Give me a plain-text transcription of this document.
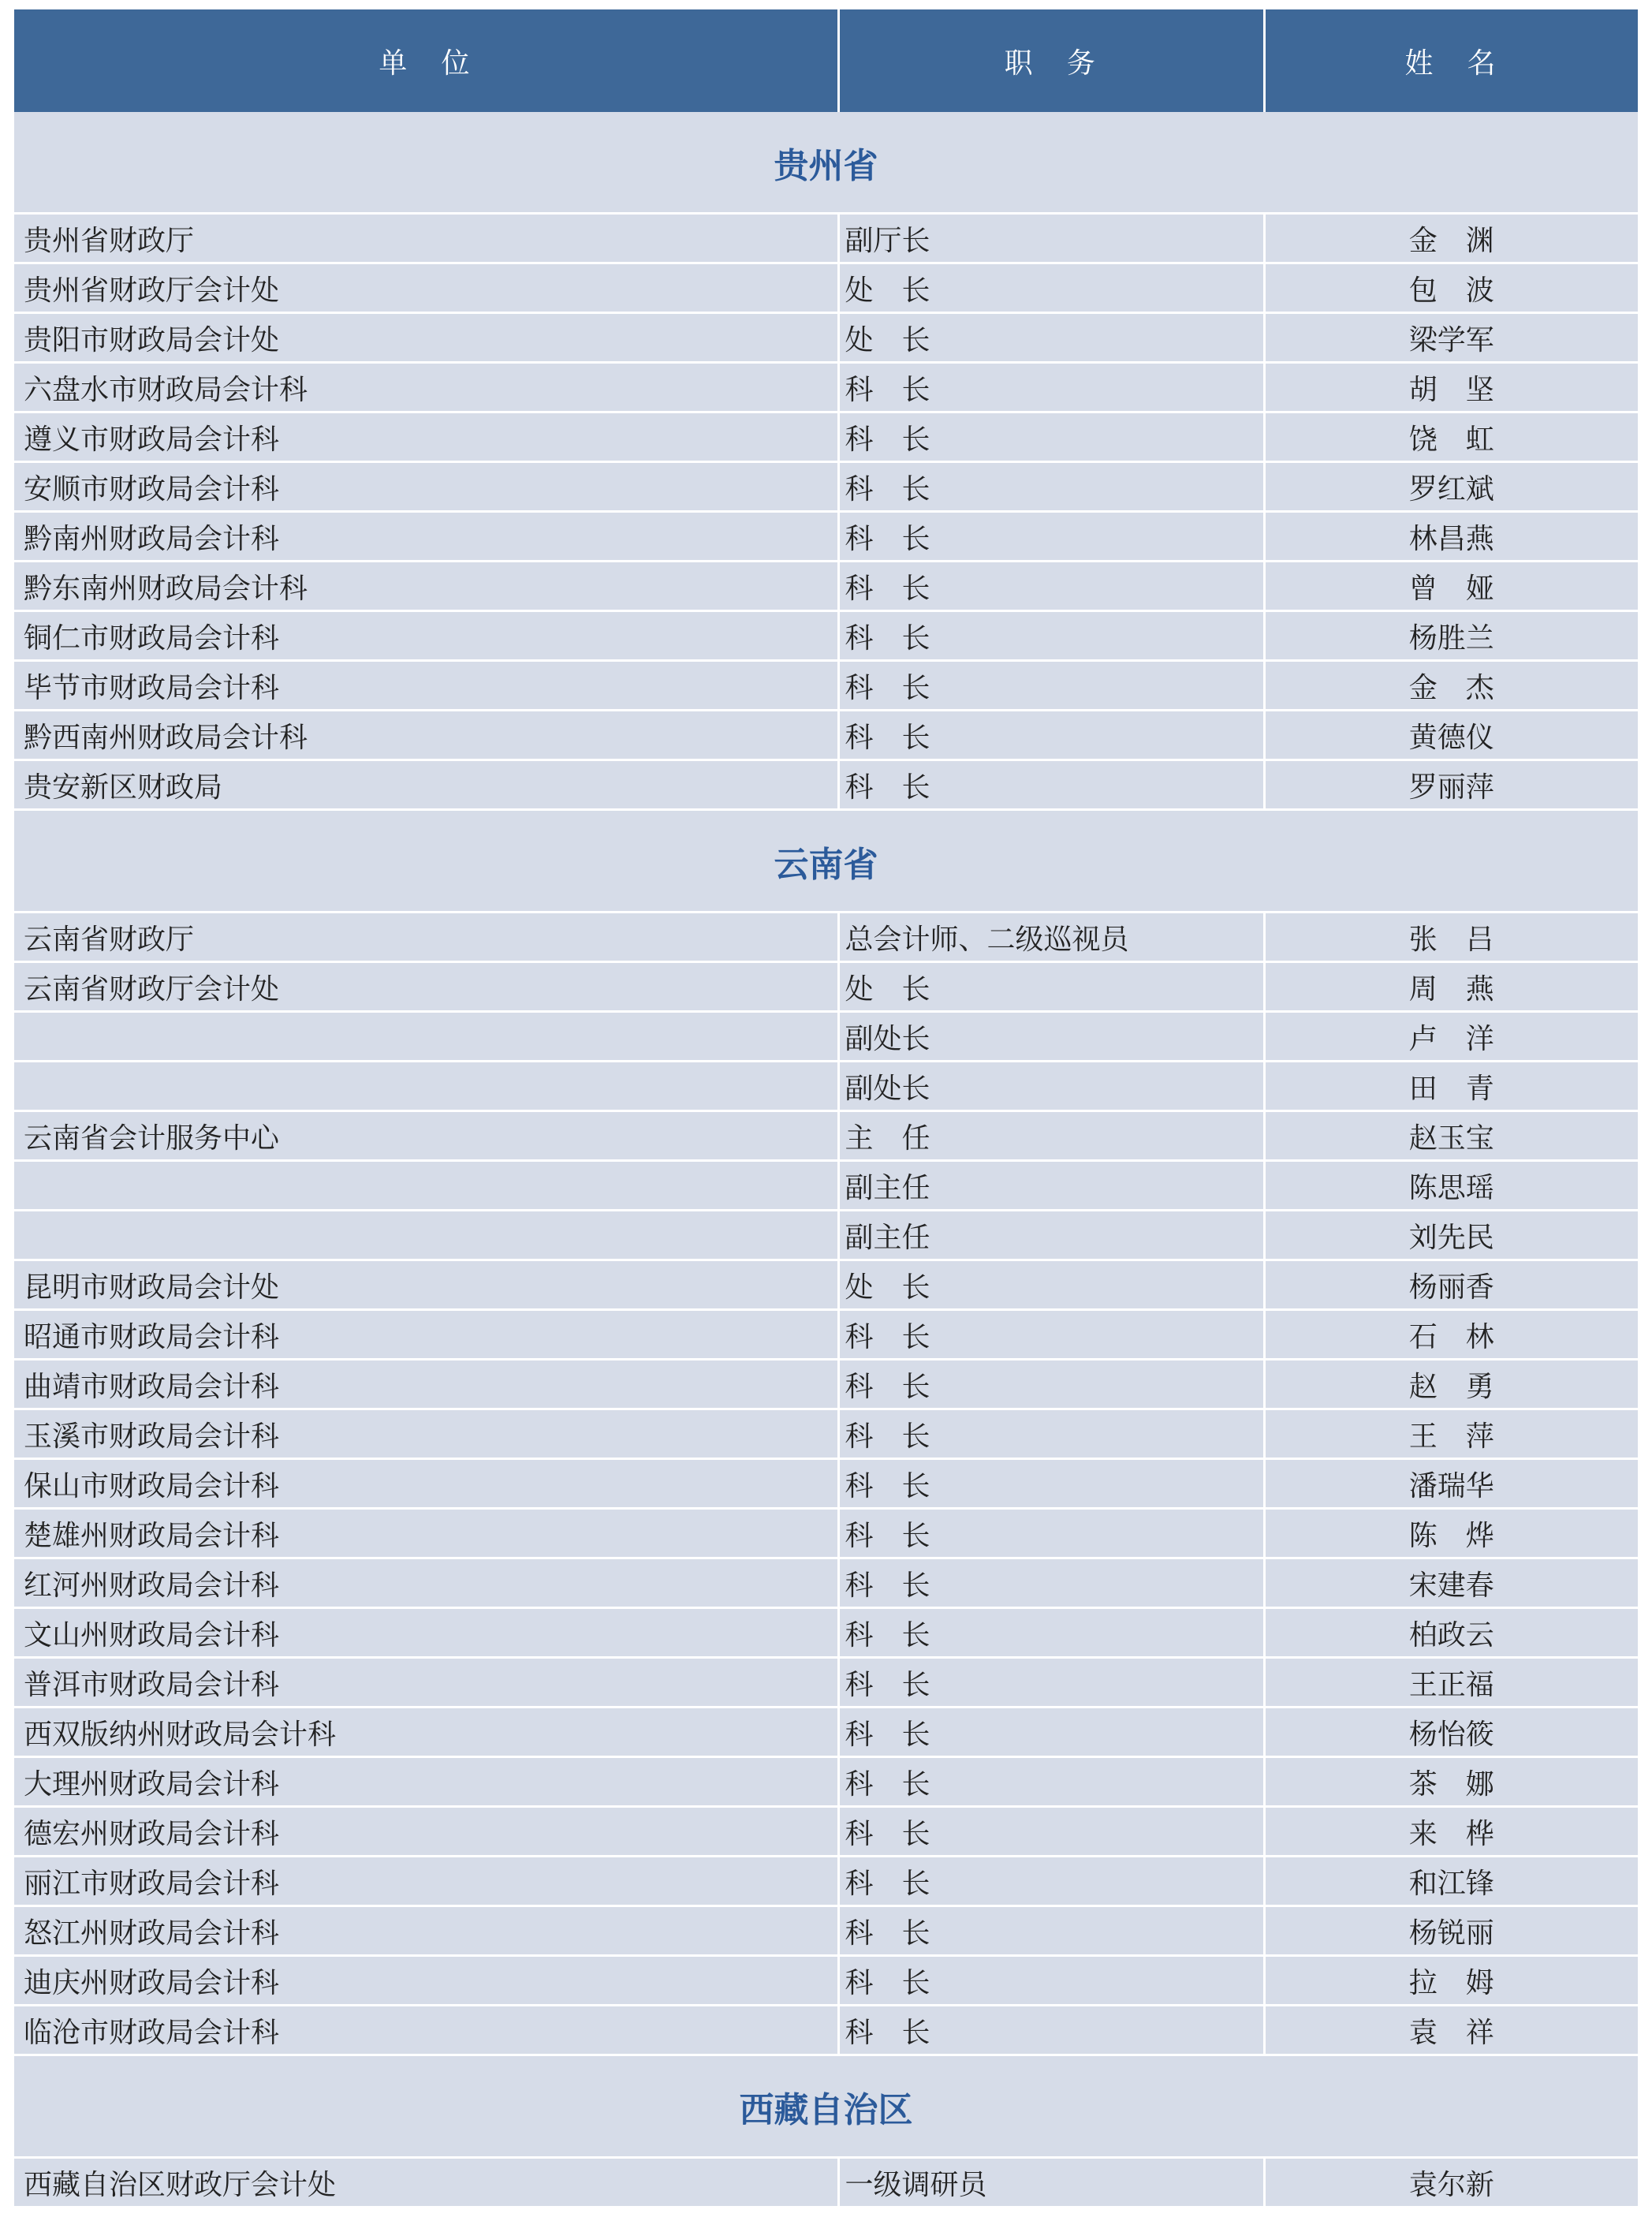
单　位	职　务	姓　名
贵州省		
贵州省财政厅	副厅长	金　渊
贵州省财政厅会计处	处　长	包　波
贵阳市财政局会计处	处　长	梁学军
六盘水市财政局会计科	科　长	胡　坚
遵义市财政局会计科	科　长	饶　虹
安顺市财政局会计科	科　长	罗红斌
黔南州财政局会计科	科　长	林昌燕
黔东南州财政局会计科	科　长	曾　娅
铜仁市财政局会计科	科　长	杨胜兰
毕节市财政局会计科	科　长	金　杰
黔西南州财政局会计科	科　长	黄德仪
贵安新区财政局	科　长	罗丽萍
云南省		
云南省财政厅	总会计师、二级巡视员	张　吕
云南省财政厅会计处	处　长	周　燕
	副处长	卢　洋
	副处长	田　青
云南省会计服务中心	主　任	赵玉宝
	副主任	陈思瑶
	副主任	刘先民
昆明市财政局会计处	处　长	杨丽香
昭通市财政局会计科	科　长	石　林
曲靖市财政局会计科	科　长	赵　勇
玉溪市财政局会计科	科　长	王　萍
保山市财政局会计科	科　长	潘瑞华
楚雄州财政局会计科	科　长	陈　烨
红河州财政局会计科	科　长	宋建春
文山州财政局会计科	科　长	柏政云
普洱市财政局会计科	科　长	王正福
西双版纳州财政局会计科	科　长	杨怡筱
大理州财政局会计科	科　长	茶　娜
德宏州财政局会计科	科　长	来　桦
丽江市财政局会计科	科　长	和江锋
怒江州财政局会计科	科　长	杨锐丽
迪庆州财政局会计科	科　长	拉　姆
临沧市财政局会计科	科　长	袁　祥
西藏自治区		
西藏自治区财政厅会计处	一级调研员	袁尔新
